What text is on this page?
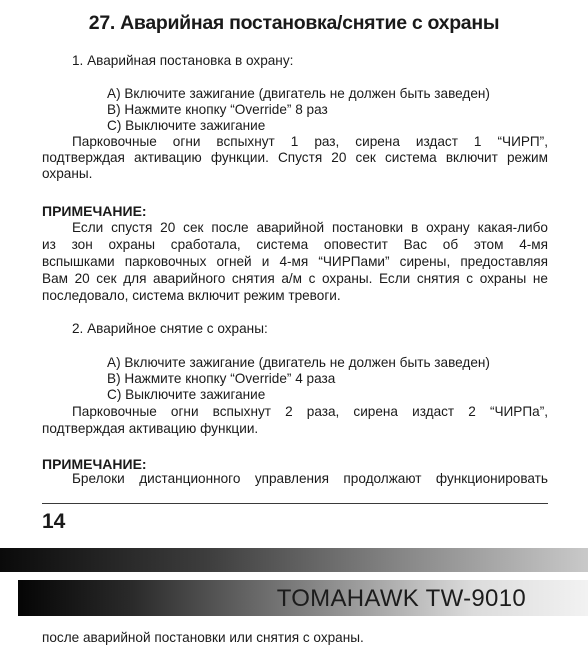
27. Аварийная постановка/снятие с охраны
1. Аварийная постановка в охрану:
А) Включите зажигание (двигатель не должен быть заведен)
B) Нажмите кнопку “Override” 8 раз
C) Выключите зажигание
Парковочные огни вспыхнут 1 раз, сирена издаст 1 “ЧИРП”,
подтверждая активацию функции. Спустя 20 сек система включит режим
охраны.
ПРИМЕЧАНИЕ:
Если спустя 20 сек после аварийной постановки в охрану какая-либо
из зон охраны сработала, система оповестит Вас об этом 4-мя
вспышками парковочных огней и 4-мя “ЧИРПами” сирены, предоставляя
Вам 20 сек для аварийного снятия а/м с охраны. Если снятия с охраны не
последовало, система включит режим тревоги.
2. Аварийное снятие с охраны:
А) Включите зажигание (двигатель не должен быть заведен)
B) Нажмите кнопку “Override” 4 раза
C) Выключите зажигание
Парковочные огни вспыхнут 2 раза, сирена издаст 2 “ЧИРПа”,
подтверждая активацию функции.
ПРИМЕЧАНИЕ:
Брелоки дистанционного управления продолжают функционировать
14
TOMAHAWK TW-9010
после аварийной постановки или снятия с охраны.
